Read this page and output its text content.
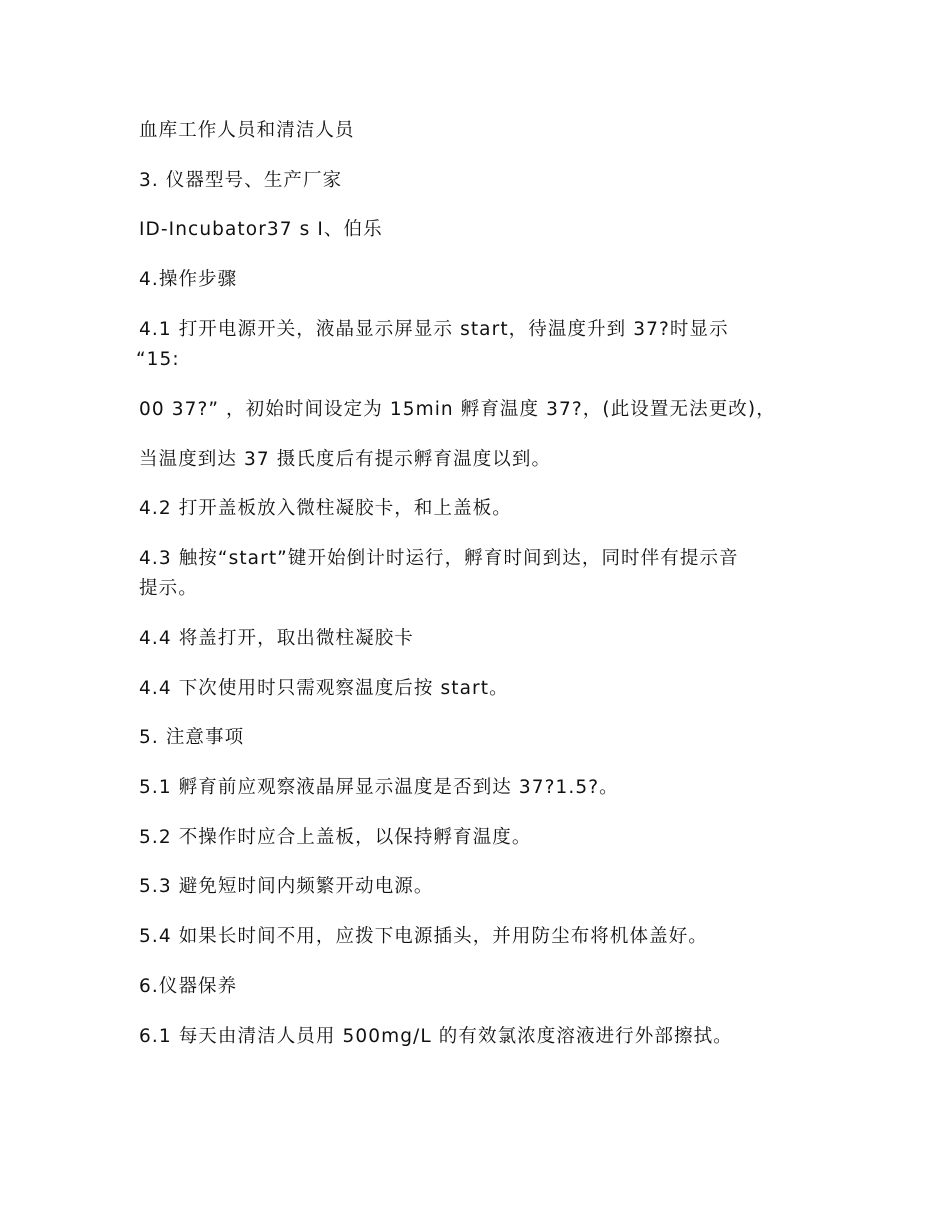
血库工作人员和清洁人员

3. 仪器型号、生产厂家

ID-Incubator37 s I、伯乐

4.操作步骤

4.1 打开电源开关，液晶显示屏显示 start，待温度升到 37?时显示

“15:

00 37?” ，初始时间设定为 15min 孵育温度 37?，(此设置无法更改)，

当温度到达 37 摄氏度后有提示孵育温度以到。

4.2 打开盖板放入微柱凝胶卡，和上盖板。

4.3 触按“start”键开始倒计时运行，孵育时间到达，同时伴有提示音

提示。

4.4 将盖打开，取出微柱凝胶卡

4.4 下次使用时只需观察温度后按 start。

5. 注意事项

5.1 孵育前应观察液晶屏显示温度是否到达 37?1.5?。

5.2 不操作时应合上盖板，以保持孵育温度。

5.3 避免短时间内频繁开动电源。

5.4 如果长时间不用，应拨下电源插头，并用防尘布将机体盖好。

6.仪器保养

6.1 每天由清洁人员用 500mg/L 的有效氯浓度溶液进行外部擦拭。
